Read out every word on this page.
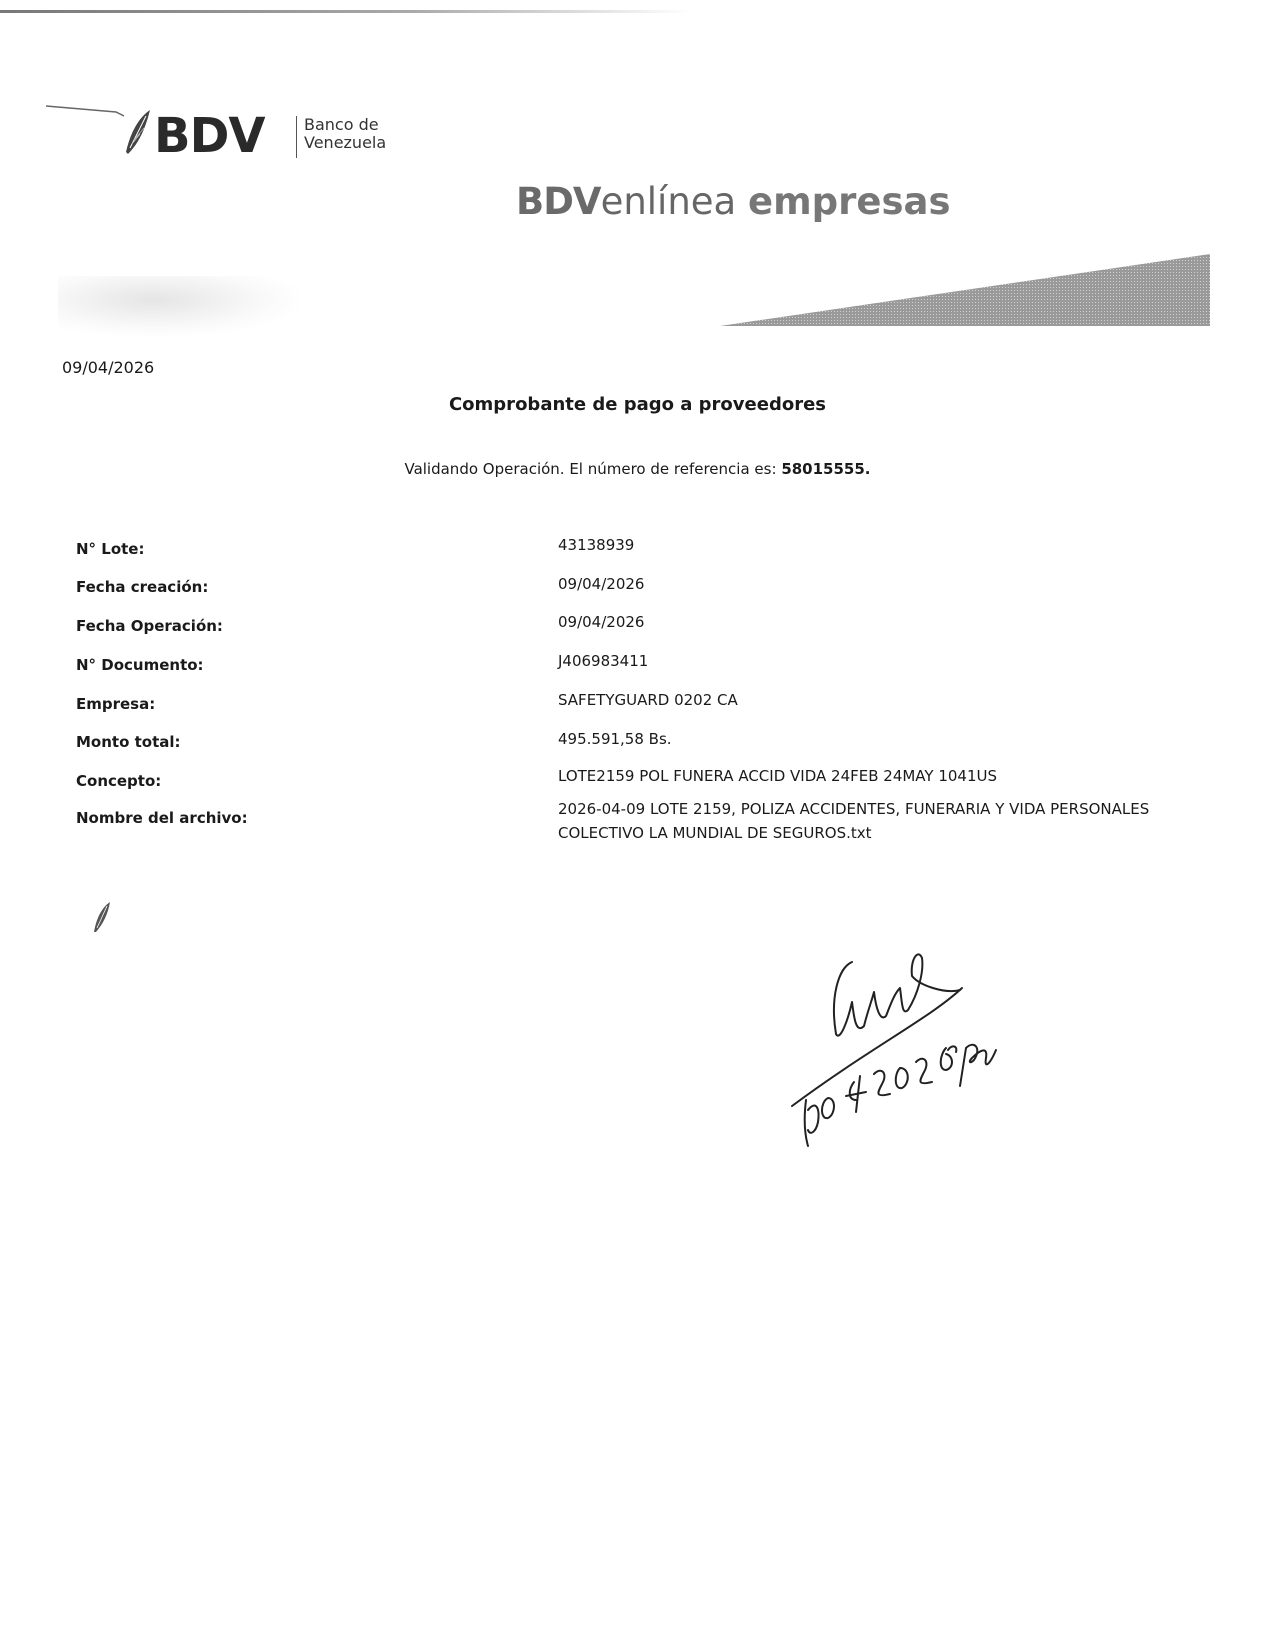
BDV Banco de
Venezuela
BDVenlínea empresas
09/04/2026
Comprobante de pago a proveedores
Validando Operación. El número de referencia es: 58015555.
N° Lote:	43138939
Fecha creación:	09/04/2026
Fecha Operación:	09/04/2026
N° Documento:	J406983411
Empresa:	SAFETYGUARD 0202 CA
Monto total:	495.591,58 Bs.
Concepto:	LOTE2159 POL FUNERA ACCID VIDA 24FEB 24MAY 1041US
Nombre del archivo:	2026-04-09 LOTE 2159, POLIZA ACCIDENTES, FUNERARIA Y VIDA PERSONALES COLECTIVO LA MUNDIAL DE SEGUROS.txt
